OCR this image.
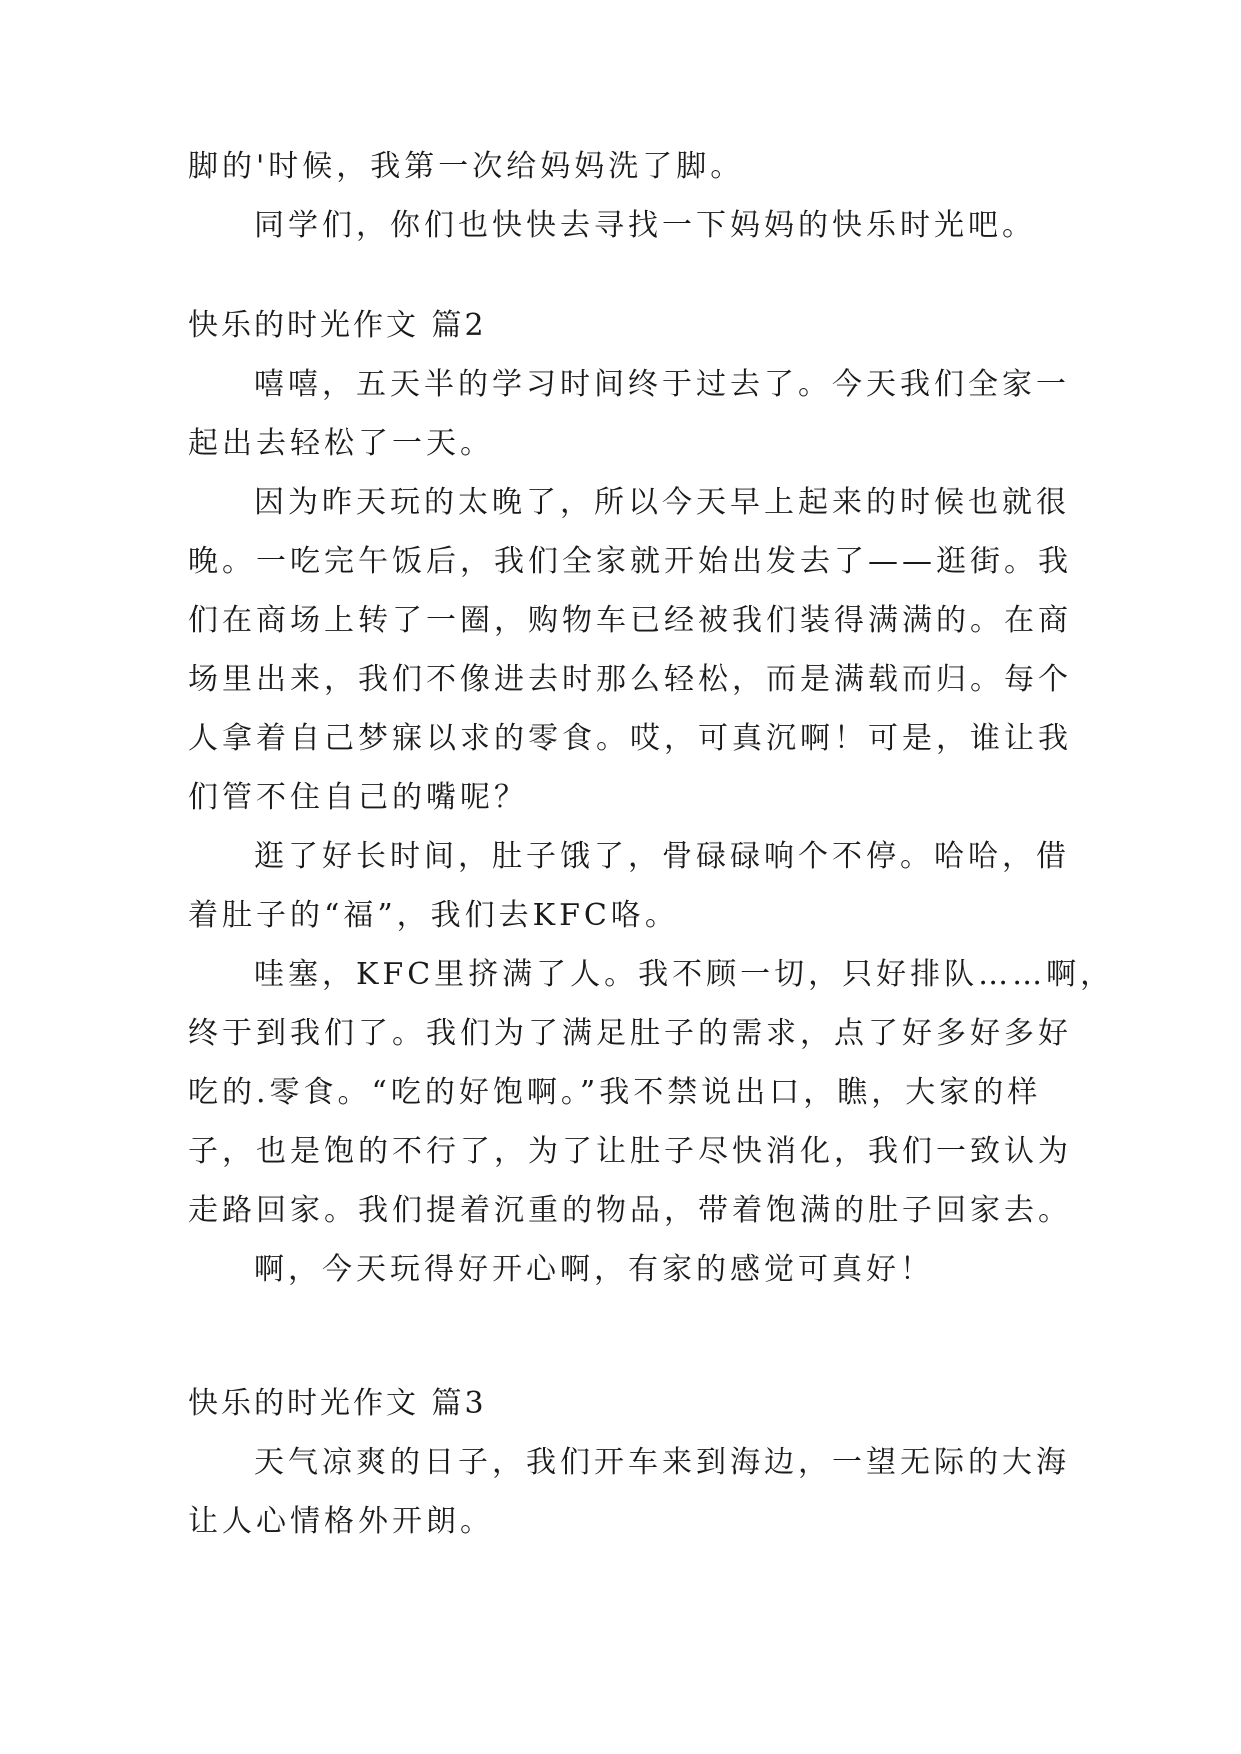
脚的'时候，我第一次给妈妈洗了脚。
同学们，你们也快快去寻找一下妈妈的快乐时光吧。
快乐的时光作文 篇2
嘻嘻，五天半的学习时间终于过去了。今天我们全家一
起出去轻松了一天。
因为昨天玩的太晚了，所以今天早上起来的时候也就很
晚。一吃完午饭后，我们全家就开始出发去了——逛街。我
们在商场上转了一圈，购物车已经被我们装得满满的。在商
场里出来，我们不像进去时那么轻松，而是满载而归。每个
人拿着自己梦寐以求的零食。哎，可真沉啊！可是，谁让我
们管不住自己的嘴呢？
逛了好长时间，肚子饿了，骨碌碌响个不停。哈哈，借
着肚子的“福”，我们去KFC咯。
哇塞，KFC里挤满了人。我不顾一切，只好排队……啊，
终于到我们了。我们为了满足肚子的需求，点了好多好多好
吃的.零食。“吃的好饱啊。”我不禁说出口，瞧，大家的样
子，也是饱的不行了，为了让肚子尽快消化，我们一致认为
走路回家。我们提着沉重的物品，带着饱满的肚子回家去。
啊，今天玩得好开心啊，有家的感觉可真好！
快乐的时光作文 篇3
天气凉爽的日子，我们开车来到海边，一望无际的大海
让人心情格外开朗。
